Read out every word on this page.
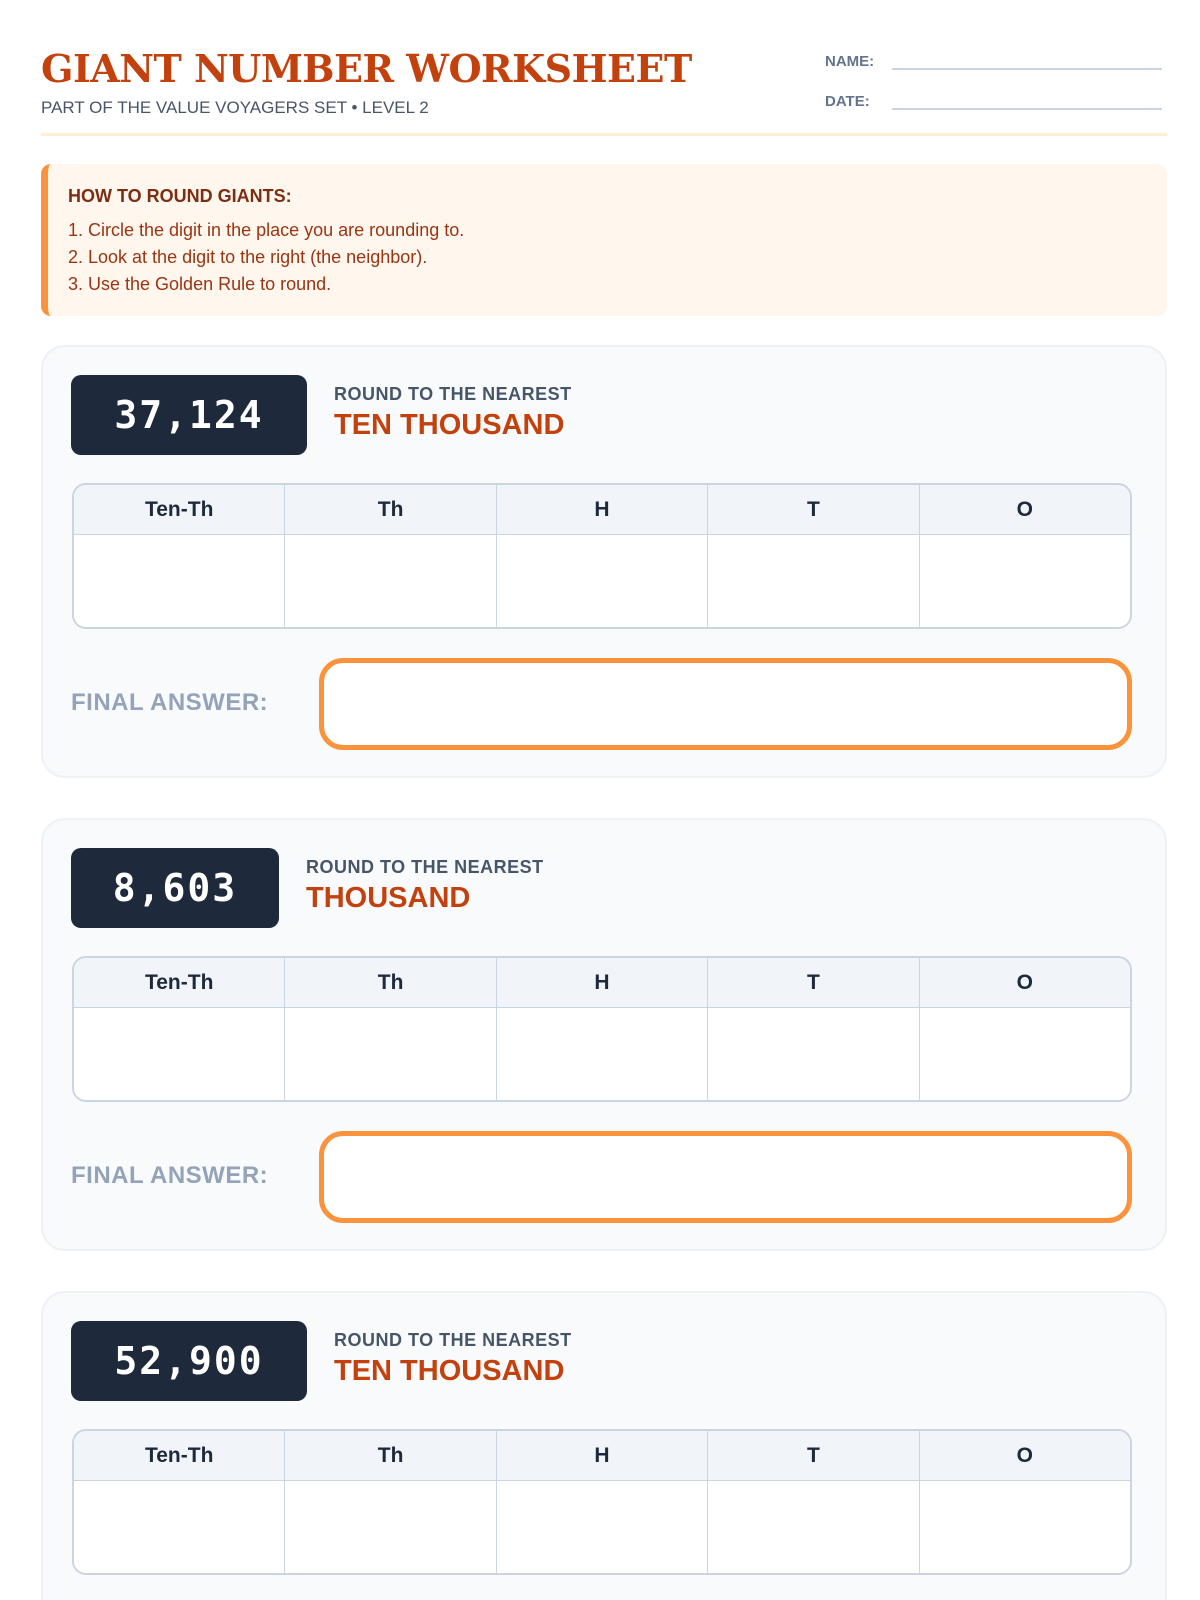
GIANT NUMBER WORKSHEET
PART OF THE VALUE VOYAGERS SET • LEVEL 2
NAME:
DATE:
HOW TO ROUND GIANTS:
1. Circle the digit in the place you are rounding to.
2. Look at the digit to the right (the neighbor).
3. Use the Golden Rule to round.
37,124	ROUND TO THE NEAREST
TEN THOUSAND
Ten-Th	Th	H	T	O
FINAL ANSWER:
8,603	ROUND TO THE NEAREST
THOUSAND
Ten-Th	Th	H	T	O
FINAL ANSWER:
52,900	ROUND TO THE NEAREST
TEN THOUSAND
Ten-Th	Th	H	T	O
